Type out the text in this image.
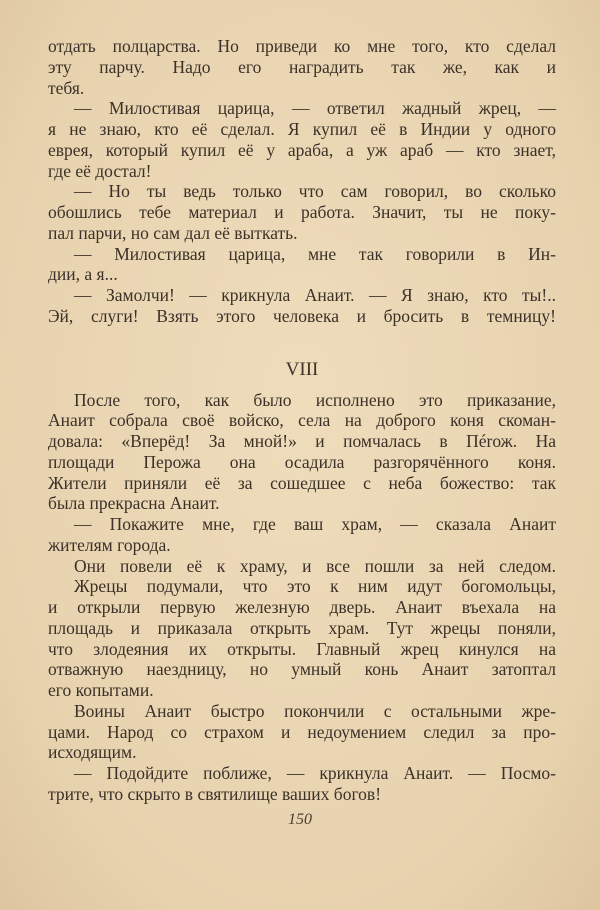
отдать полцарства. Но приведи ко мне того, кто сделал
эту парчу. Надо его наградить так же, как и
тебя.
— Милостивая царица, — ответил жадный жрец, —
я не знаю, кто её сделал. Я купил её в Индии у одного
еврея, который купил её у араба, а уж араб — кто знает,
где её достал!
— Но ты ведь только что сам говорил, во сколько
обошлись тебе материал и работа. Значит, ты не поку-
пал парчи, но сам дал её выткать.
— Милостивая царица, мне так говорили в Ин-
дии, а я...
— Замолчи! — крикнула Анаит. — Я знаю, кто ты!..
Эй, слуги! Взять этого человека и бросить в темницу!
VIII
После того, как было исполнено это приказание,
Анаит собрала своё войско, села на доброго коня скоман-
довала: «Вперёд! За мной!» и помчалась в Пérож. На
площади Перожа она осадила разгорячённого коня.
Жители приняли её за сошедшее с неба божество: так
была прекрасна Анаит.
— Покажите мне, где ваш храм, — сказала Анаит
жителям города.
Они повели её к храму, и все пошли за ней следом.
Жрецы подумали, что это к ним идут богомольцы,
и открыли первую железную дверь. Анаит въехала на
площадь и приказала открыть храм. Тут жрецы поняли,
что злодеяния их открыты. Главный жрец кинулся на
отважную наездницу, но умный конь Анаит затоптал
его копытами.
Воины Анаит быстро покончили с остальными жре-
цами. Народ со страхом и недоумением следил за про-
исходящим.
— Подойдите поближе, — крикнула Анаит. — Посмо-
трите, что скрыто в святилище ваших богов!
150
